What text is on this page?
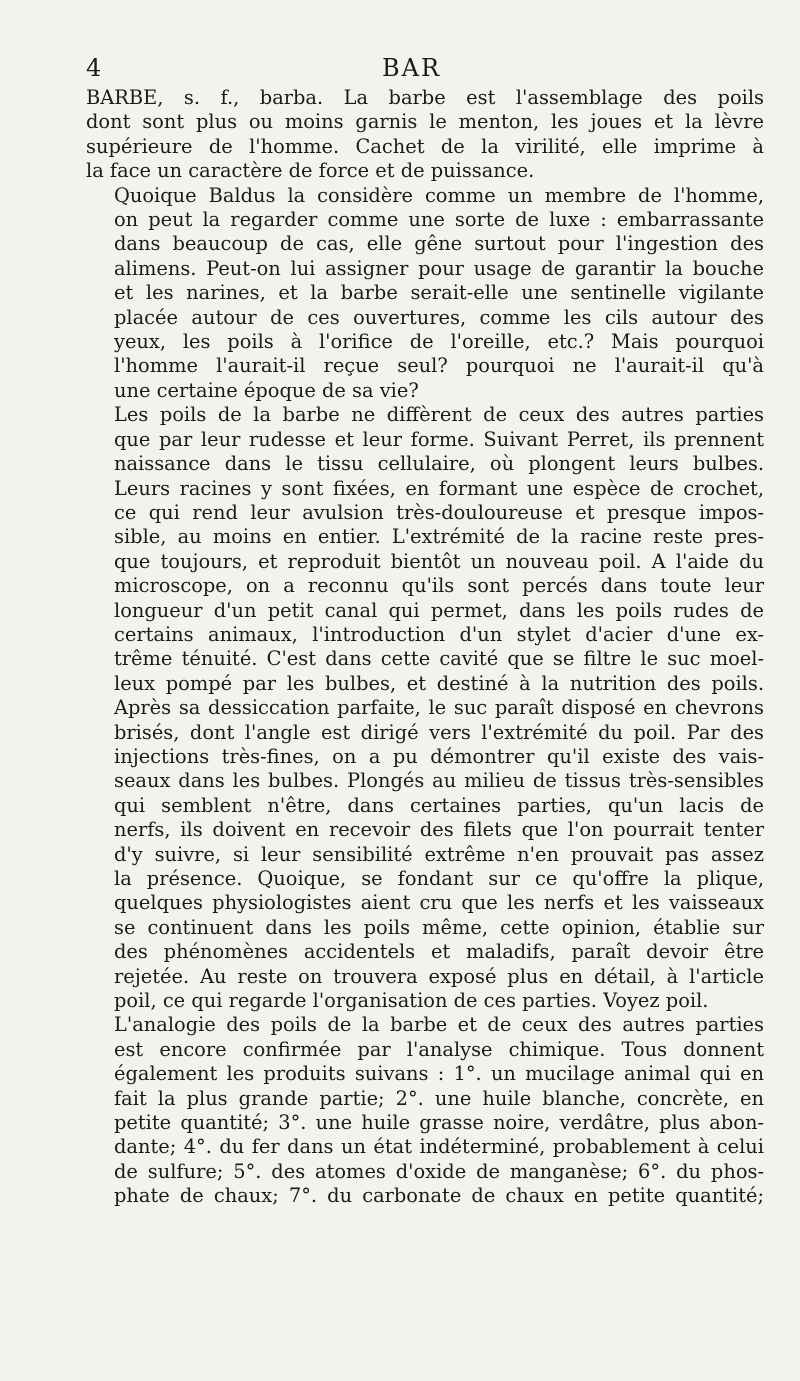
4	BAR

BARBE, s. f., barba. La barbe est l'assemblage des poils
dont sont plus ou moins garnis le menton, les joues et la lèvre
supérieure de l'homme. Cachet de la virilité, elle imprime à
la face un caractère de force et de puissance.

Quoique Baldus la considère comme un membre de l'homme,
on peut la regarder comme une sorte de luxe : embarrassante
dans beaucoup de cas, elle gêne surtout pour l'ingestion des
alimens. Peut-on lui assigner pour usage de garantir la bouche
et les narines, et la barbe serait-elle une sentinelle vigilante
placée autour de ces ouvertures, comme les cils autour des
yeux, les poils à l'orifice de l'oreille, etc.? Mais pourquoi
l'homme l'aurait-il reçue seul? pourquoi ne l'aurait-il qu'à
une certaine époque de sa vie?

Les poils de la barbe ne diffèrent de ceux des autres parties
que par leur rudesse et leur forme. Suivant Perret, ils prennent
naissance dans le tissu cellulaire, où plongent leurs bulbes.
Leurs racines y sont fixées, en formant une espèce de crochet,
ce qui rend leur avulsion très-douloureuse et presque impos-
sible, au moins en entier. L'extrémité de la racine reste pres-
que toujours, et reproduit bientôt un nouveau poil. A l'aide du
microscope, on a reconnu qu'ils sont percés dans toute leur
longueur d'un petit canal qui permet, dans les poils rudes de
certains animaux, l'introduction d'un stylet d'acier d'une ex-
trême ténuité. C'est dans cette cavité que se filtre le suc moel-
leux pompé par les bulbes, et destiné à la nutrition des poils.
Après sa dessiccation parfaite, le suc paraît disposé en chevrons
brisés, dont l'angle est dirigé vers l'extrémité du poil. Par des
injections très-fines, on a pu démontrer qu'il existe des vais-
seaux dans les bulbes. Plongés au milieu de tissus très-sensibles
qui semblent n'être, dans certaines parties, qu'un lacis de
nerfs, ils doivent en recevoir des filets que l'on pourrait tenter
d'y suivre, si leur sensibilité extrême n'en prouvait pas assez
la présence. Quoique, se fondant sur ce qu'offre la plique,
quelques physiologistes aient cru que les nerfs et les vaisseaux
se continuent dans les poils même, cette opinion, établie sur
des phénomènes accidentels et maladifs, paraît devoir être
rejetée. Au reste on trouvera exposé plus en détail, à l'article
poil, ce qui regarde l'organisation de ces parties. Voyez poil.

L'analogie des poils de la barbe et de ceux des autres parties
est encore confirmée par l'analyse chimique. Tous donnent
également les produits suivans : 1°. un mucilage animal qui en
fait la plus grande partie; 2°. une huile blanche, concrète, en
petite quantité; 3°. une huile grasse noire, verdâtre, plus abon-
dante; 4°. du fer dans un état indéterminé, probablement à celui
de sulfure; 5°. des atomes d'oxide de manganèse; 6°. du phos-
phate de chaux; 7°. du carbonate de chaux en petite quantité;
